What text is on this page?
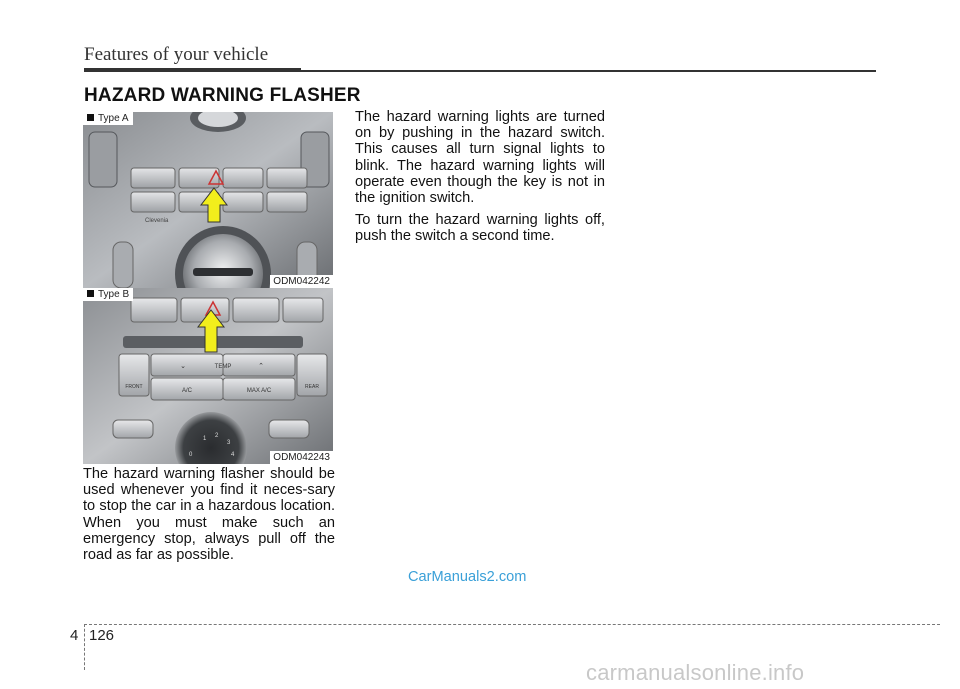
Features of your vehicle
HAZARD WARNING FLASHER
Clevenia
Type A
ODM042242
TEMP
⌄	⌃
FRONT	REAR
A/C	MAX A/C
1 2
3
0	4
Type B
ODM042243
The hazard warning flasher should be used whenever you find it neces-sary to stop the car in a hazardous location. When you must make such an emergency stop, always pull off the road as far as possible.
The hazard warning lights are turned on by pushing in the hazard switch. This causes all turn signal lights to blink. The hazard warning lights will operate even though the key is not in the ignition switch.
To turn the hazard warning lights off, push the switch a second time.
CarManuals2.com
4 126
carmanualsonline.info
